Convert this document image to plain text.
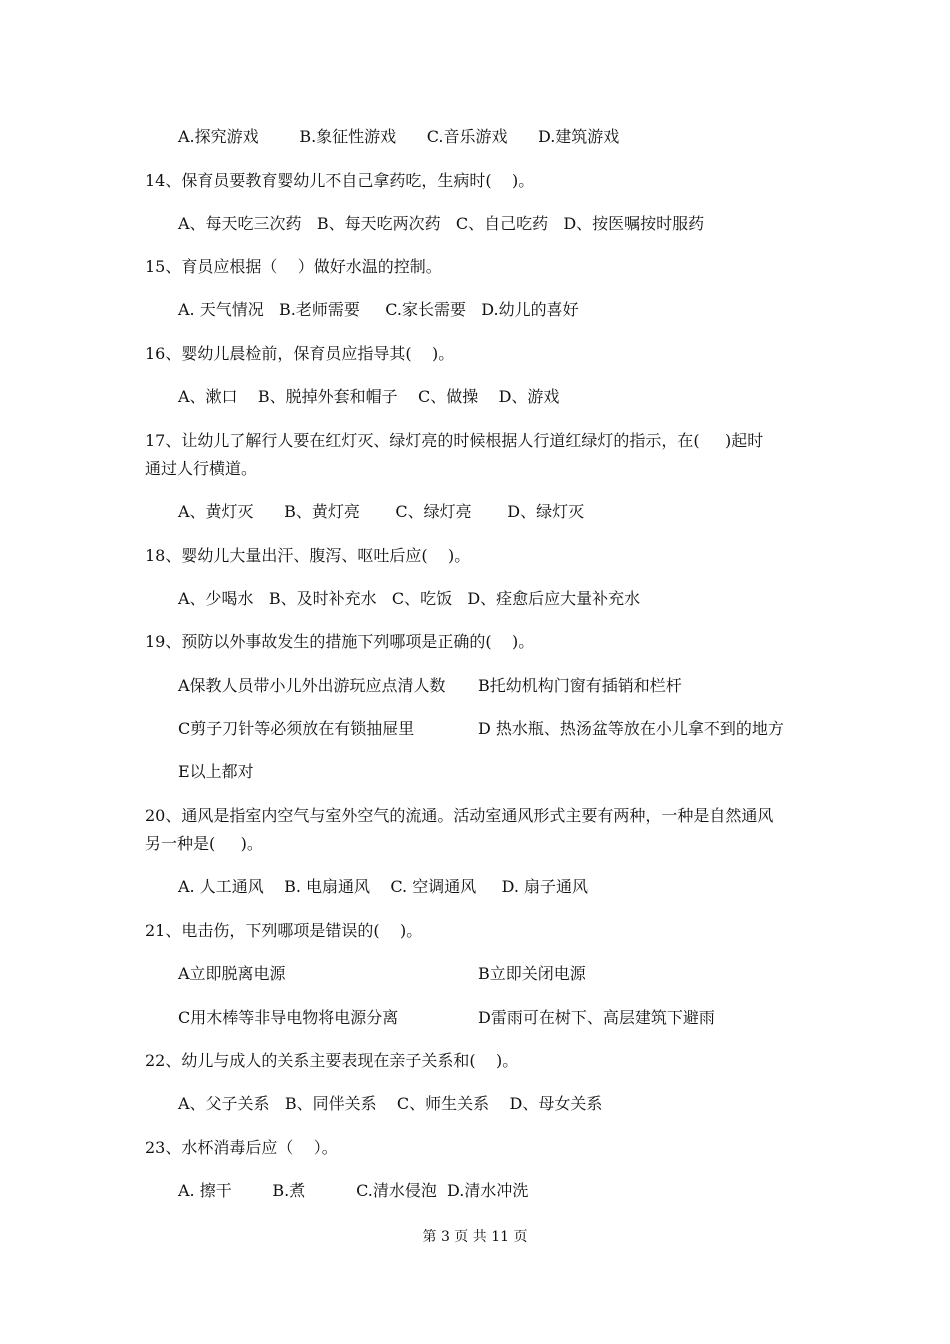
A.探究游戏        B.象征性游戏      C.音乐游戏      D.建筑游戏
14、保育员要教育婴幼儿不自己拿药吃，生病时(    )。
A、每天吃三次药   B、每天吃两次药   C、自己吃药   D、按医嘱按时服药
15、育员应根据（    ）做好水温的控制。
A. 天气情况   B.老师需要     C.家长需要   D.幼儿的喜好
16、婴幼儿晨检前，保育员应指导其(    )。
A、漱口    B、脱掉外套和帽子    C、做操    D、游戏
17、让幼儿了解行人要在红灯灭、绿灯亮的时候根据人行道红绿灯的指示，在(     )起时
通过人行横道。
A、黄灯灭      B、黄灯亮       C、绿灯亮       D、绿灯灭
18、婴幼儿大量出汗、腹泻、呕吐后应(    )。
A、少喝水   B、及时补充水   C、吃饭   D、痊愈后应大量补充水
19、预防以外事故发生的措施下列哪项是正确的(    )。
A保教人员带小儿外出游玩应点清人数 B托幼机构门窗有插销和栏杆
C剪子刀针等必须放在有锁抽屉里	D 热水瓶、热汤盆等放在小儿拿不到的地方
E以上都对
20、通风是指室内空气与室外空气的流通。活动室通风形式主要有两种，一种是自然通风
另一种是(     )。
A. 人工通风    B. 电扇通风    C. 空调通风     D. 扇子通风
21、电击伤，下列哪项是错误的(    )。
A立即脱离电源	B立即关闭电源
C用木棒等非导电物将电源分离	D雷雨可在树下、高层建筑下避雨
22、幼儿与成人的关系主要表现在亲子关系和(    )。
A、父子关系   B、同伴关系    C、师生关系    D、母女关系
23、水杯消毒后应（    ）。
A. 擦干        B.煮          C.清水侵泡  D.清水冲洗
第 3 页 共 11 页
